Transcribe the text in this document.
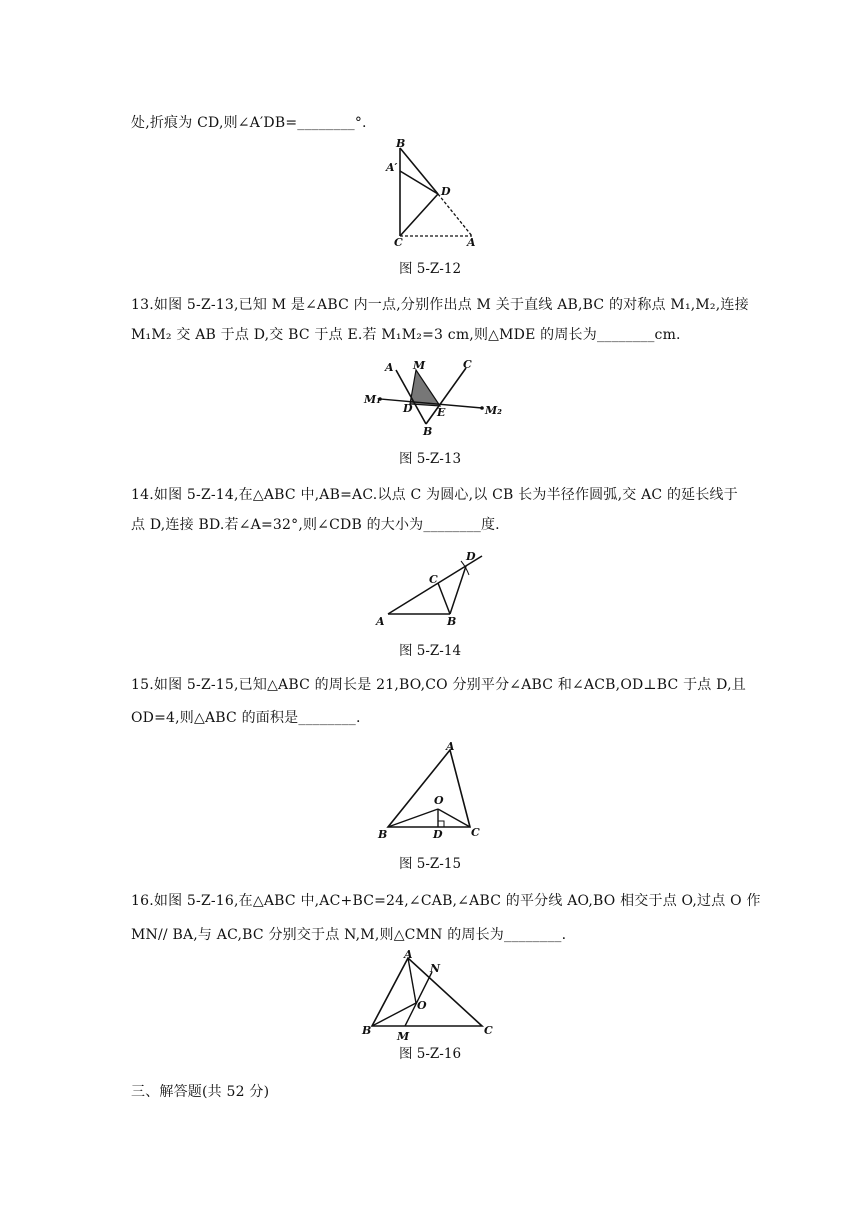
处,折痕为 CD,则∠A′DB=________°.
B
A′
D
C	A
图 5-Z-12
13.如图 5-Z-13,已知 M 是∠ABC 内一点,分别作出点 M 关于直线 AB,BC 的对称点 M₁,M₂,连接
M₁M₂ 交 AB 于点 D,交 BC 于点 E.若 M₁M₂=3 cm,则△MDE 的周长为________cm.
A M	C
M₁
D E	M₂
B
图 5-Z-13
14.如图 5-Z-14,在△ABC 中,AB=AC.以点 C 为圆心,以 CB 长为半径作圆弧,交 AC 的延长线于
点 D,连接 BD.若∠A=32°,则∠CDB 的大小为________度.
D
C
A	B
图 5-Z-14
15.如图 5-Z-15,已知△ABC 的周长是 21,BO,CO 分别平分∠ABC 和∠ACB,OD⊥BC 于点 D,且
OD=4,则△ABC 的面积是________.
A
O
B	D	C
图 5-Z-15
16.如图 5-Z-16,在△ABC 中,AC+BC=24,∠CAB,∠ABC 的平分线 AO,BO 相交于点 O,过点 O 作
MN// BA,与 AC,BC 分别交于点 N,M,则△CMN 的周长为________.
A
N
O
B M	C
图 5-Z-16
三、解答题(共 52 分)
